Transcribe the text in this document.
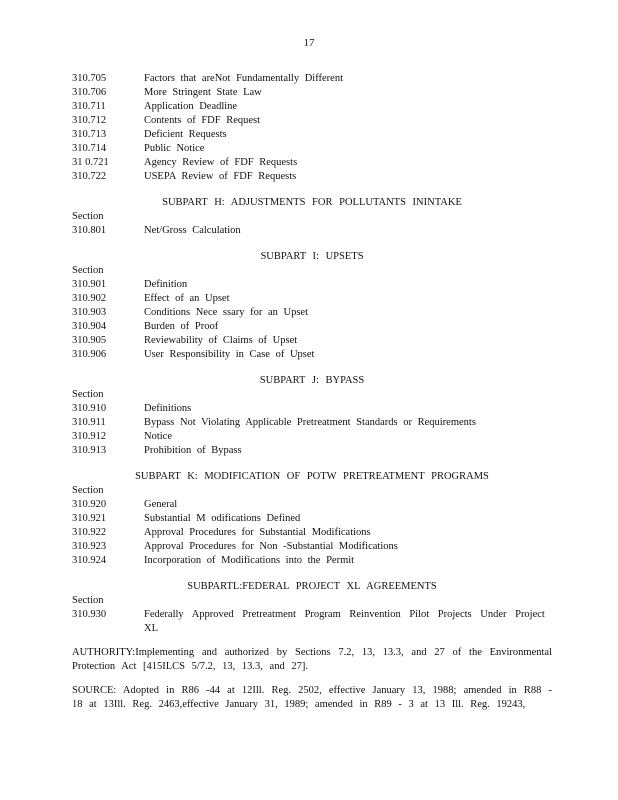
17
310.705	Factors that areNot Fundamentally Different
310.706	More Stringent State Law
310.711	Application Deadline
310.712	Contents of FDF Request
310.713	Deficient Requests
310.714	Public Notice
31 0.721	Agency Review of FDF Requests
310.722	USEPA Review of FDF Requests
SUBPART H: ADJUSTMENTS FOR POLLUTANTS ININTAKE
Section
310.801	Net/Gross Calculation
SUBPART I: UPSETS
Section
310.901	Definition
310.902	Effect of an Upset
310.903	Conditions Nece ssary for an Upset
310.904	Burden of Proof
310.905	Reviewability of Claims of Upset
310.906	User Responsibility in Case of Upset
SUBPART J: BYPASS
Section
310.910	Definitions
310.911	Bypass Not Violating Applicable Pretreatment Standards or Requirements
310.912	Notice
310.913	Prohibition of Bypass
SUBPART K: MODIFICATION OF POTW PRETREATMENT PROGRAMS
Section
310.920	General
310.921	Substantial M odifications Defined
310.922	Approval Procedures for Substantial Modifications
310.923	Approval Procedures for Non -Substantial Modifications
310.924	Incorporation of Modifications into the Permit
SUBPARTL:FEDERAL PROJECT XL AGREEMENTS
Section
310.930	Federally Approved Pretreatment Program Reinvention Pilot Projects Under Project XL
AUTHORITY:Implementing and authorized by Sections 7.2, 13, 13.3, and 27 of the Environmental Protection Act [415ILCS 5/7.2, 13, 13.3, and 27].
SOURCE: Adopted in R86 -44 at 12Ill. Reg. 2502, effective January 13, 1988; amended in R88 - 18 at 13Ill. Reg. 2463,effective January 31, 1989; amended in R89 - 3 at 13 Ill. Reg. 19243,
